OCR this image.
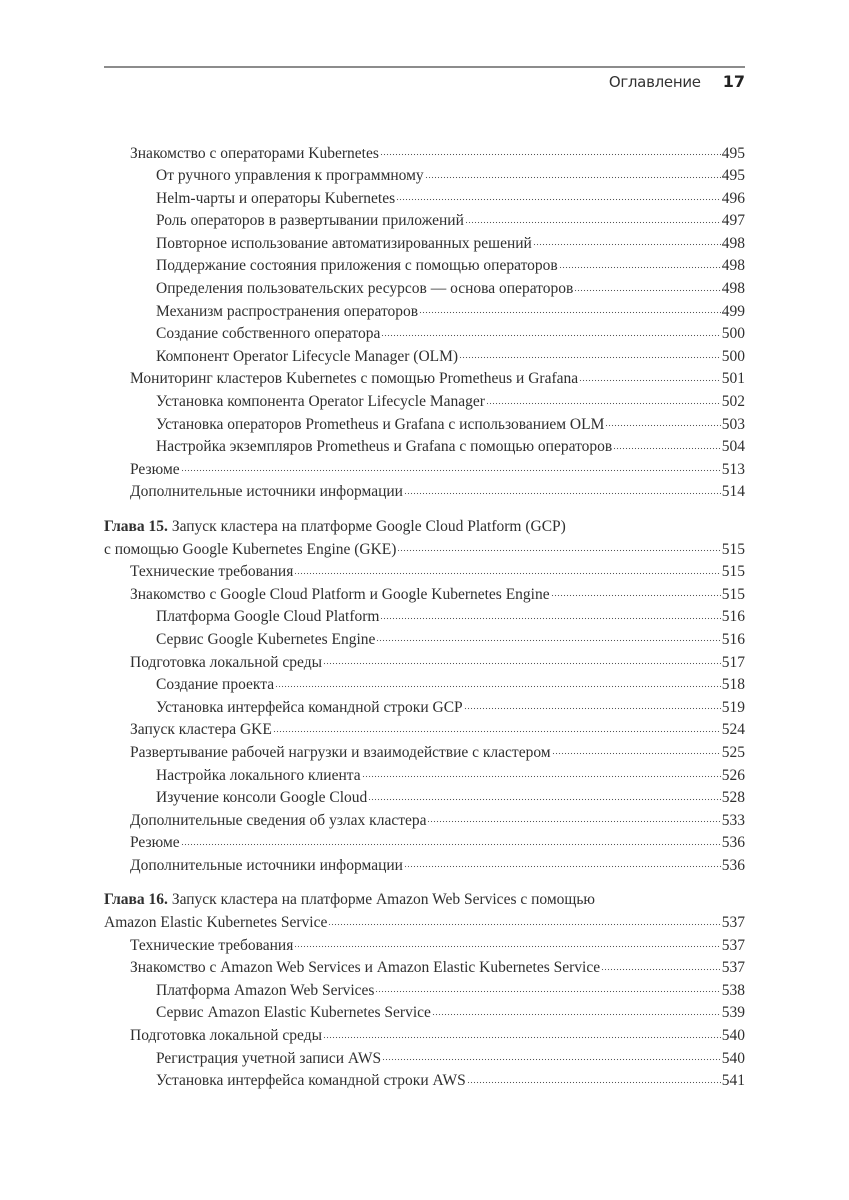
Оглавление 17
Знакомство с операторами Kubernetes	495
От ручного управления к программному	495
Helm-чарты и операторы Kubernetes	496
Роль операторов в развертывании приложений	497
Повторное использование автоматизированных решений	498
Поддержание состояния приложения с помощью операторов	498
Определения пользовательских ресурсов — основа операторов	498
Механизм распространения операторов	499
Создание собственного оператора	500
Компонент Operator Lifecycle Manager (OLM)	500
Мониторинг кластеров Kubernetes с помощью Prometheus и Grafana	501
Установка компонента Operator Lifecycle Manager	502
Установка операторов Prometheus и Grafana с использованием OLM	503
Настройка экземпляров Prometheus и Grafana с помощью операторов	504
Резюме	513
Дополнительные источники информации	514
Глава 15. Запуск кластера на платформе Google Cloud Platform (GCP)
с помощью Google Kubernetes Engine (GKE)	515
Технические требования	515
Знакомство с Google Cloud Platform и Google Kubernetes Engine	515
Платформа Google Cloud Platform	516
Сервис Google Kubernetes Engine	516
Подготовка локальной среды	517
Создание проекта	518
Установка интерфейса командной строки GCP	519
Запуск кластера GKE	524
Развертывание рабочей нагрузки и взаимодействие с кластером	525
Настройка локального клиента	526
Изучение консоли Google Cloud	528
Дополнительные сведения об узлах кластера	533
Резюме	536
Дополнительные источники информации	536
Глава 16. Запуск кластера на платформе Amazon Web Services с помощью
Amazon Elastic Kubernetes Service	537
Технические требования	537
Знакомство с Amazon Web Services и Amazon Elastic Kubernetes Service	537
Платформа Amazon Web Services	538
Сервис Amazon Elastic Kubernetes Service	539
Подготовка локальной среды	540
Регистрация учетной записи AWS	540
Установка интерфейса командной строки AWS	541
